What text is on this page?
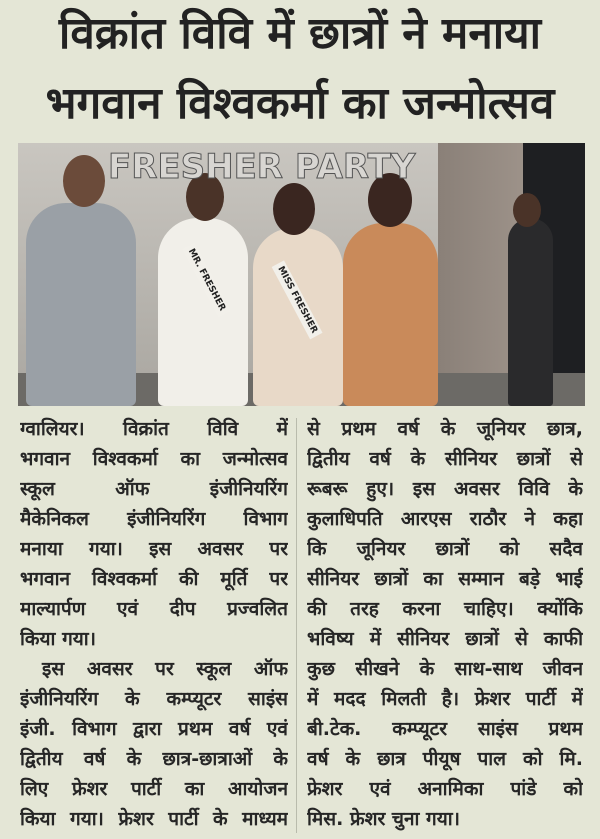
विक्रांत विवि में छात्रों ने मनाया
भगवान विश्वकर्मा का जन्मोत्सव
MR. FRESHER	MISS FRESHER
FRESHER PARTY
ग्वालियर। विक्रांत विवि में
भगवान विश्वकर्मा का जन्मोत्सव
स्कूल ऑफ इंजीनियरिंग
मैकेनिकल इंजीनियरिंग विभाग
मनाया गया। इस अवसर पर
भगवान विश्वकर्मा की मूर्ति पर
माल्यार्पण एवं दीप प्रज्वलित
किया गया।
इस अवसर पर स्कूल ऑफ
इंजीनियरिंग के कम्प्यूटर साइंस
इंजी. विभाग द्वारा प्रथम वर्ष एवं
द्वितीय वर्ष के छात्र-छात्राओं के
लिए फ्रेशर पार्टी का आयोजन
किया गया। फ्रेशर पार्टी के माध्यम
से प्रथम वर्ष के जूनियर छात्र,
द्वितीय वर्ष के सीनियर छात्रों से
रूबरू हुए। इस अवसर विवि के
कुलाधिपति आरएस राठौर ने कहा
कि जूनियर छात्रों को सदैव
सीनियर छात्रों का सम्मान बड़े भाई
की तरह करना चाहिए। क्योंकि
भविष्य में सीनियर छात्रों से काफी
कुछ सीखने के साथ-साथ जीवन
में मदद मिलती है। फ्रेशर पार्टी में
बी.टेक. कम्प्यूटर साइंस प्रथम
वर्ष के छात्र पीयूष पाल को मि.
फ्रेशर एवं अनामिका पांडे को
मिस. फ्रेशर चुना गया।
